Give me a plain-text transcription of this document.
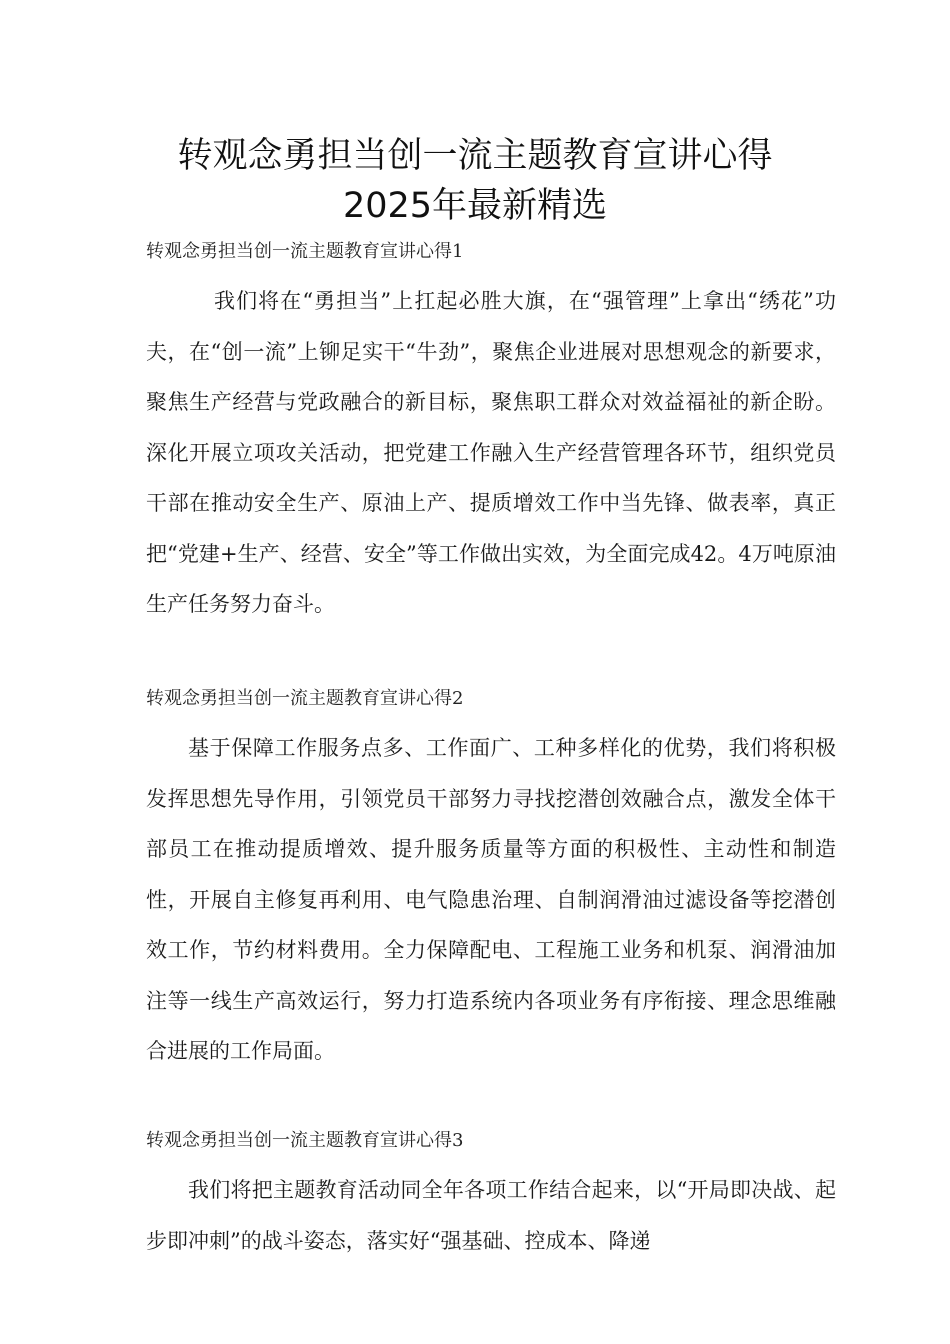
转观念勇担当创一流主题教育宣讲心得
2025年最新精选
转观念勇担当创一流主题教育宣讲心得1

我们将在“勇担当”上扛起必胜大旗，在“强管理”上拿出“绣花”功夫，在“创一流”上铆足实干“牛劲”，聚焦企业进展对思想观念的新要求，聚焦生产经营与党政融合的新目标，聚焦职工群众对效益福祉的新企盼。深化开展立项攻关活动，把党建工作融入生产经营管理各环节，组织党员干部在推动安全生产、原油上产、提质增效工作中当先锋、做表率，真正把“党建+生产、经营、安全”等工作做出实效，为全面完成42。4万吨原油生产任务努力奋斗。

转观念勇担当创一流主题教育宣讲心得2

基于保障工作服务点多、工作面广、工种多样化的优势，我们将积极发挥思想先导作用，引领党员干部努力寻找挖潜创效融合点，激发全体干部员工在推动提质增效、提升服务质量等方面的积极性、主动性和制造性，开展自主修复再利用、电气隐患治理、自制润滑油过滤设备等挖潜创效工作，节约材料费用。全力保障配电、工程施工业务和机泵、润滑油加注等一线生产高效运行，努力打造系统内各项业务有序衔接、理念思维融合进展的工作局面。

转观念勇担当创一流主题教育宣讲心得3

我们将把主题教育活动同全年各项工作结合起来，以“开局即决战、起步即冲刺”的战斗姿态，落实好“强基础、控成本、降递
